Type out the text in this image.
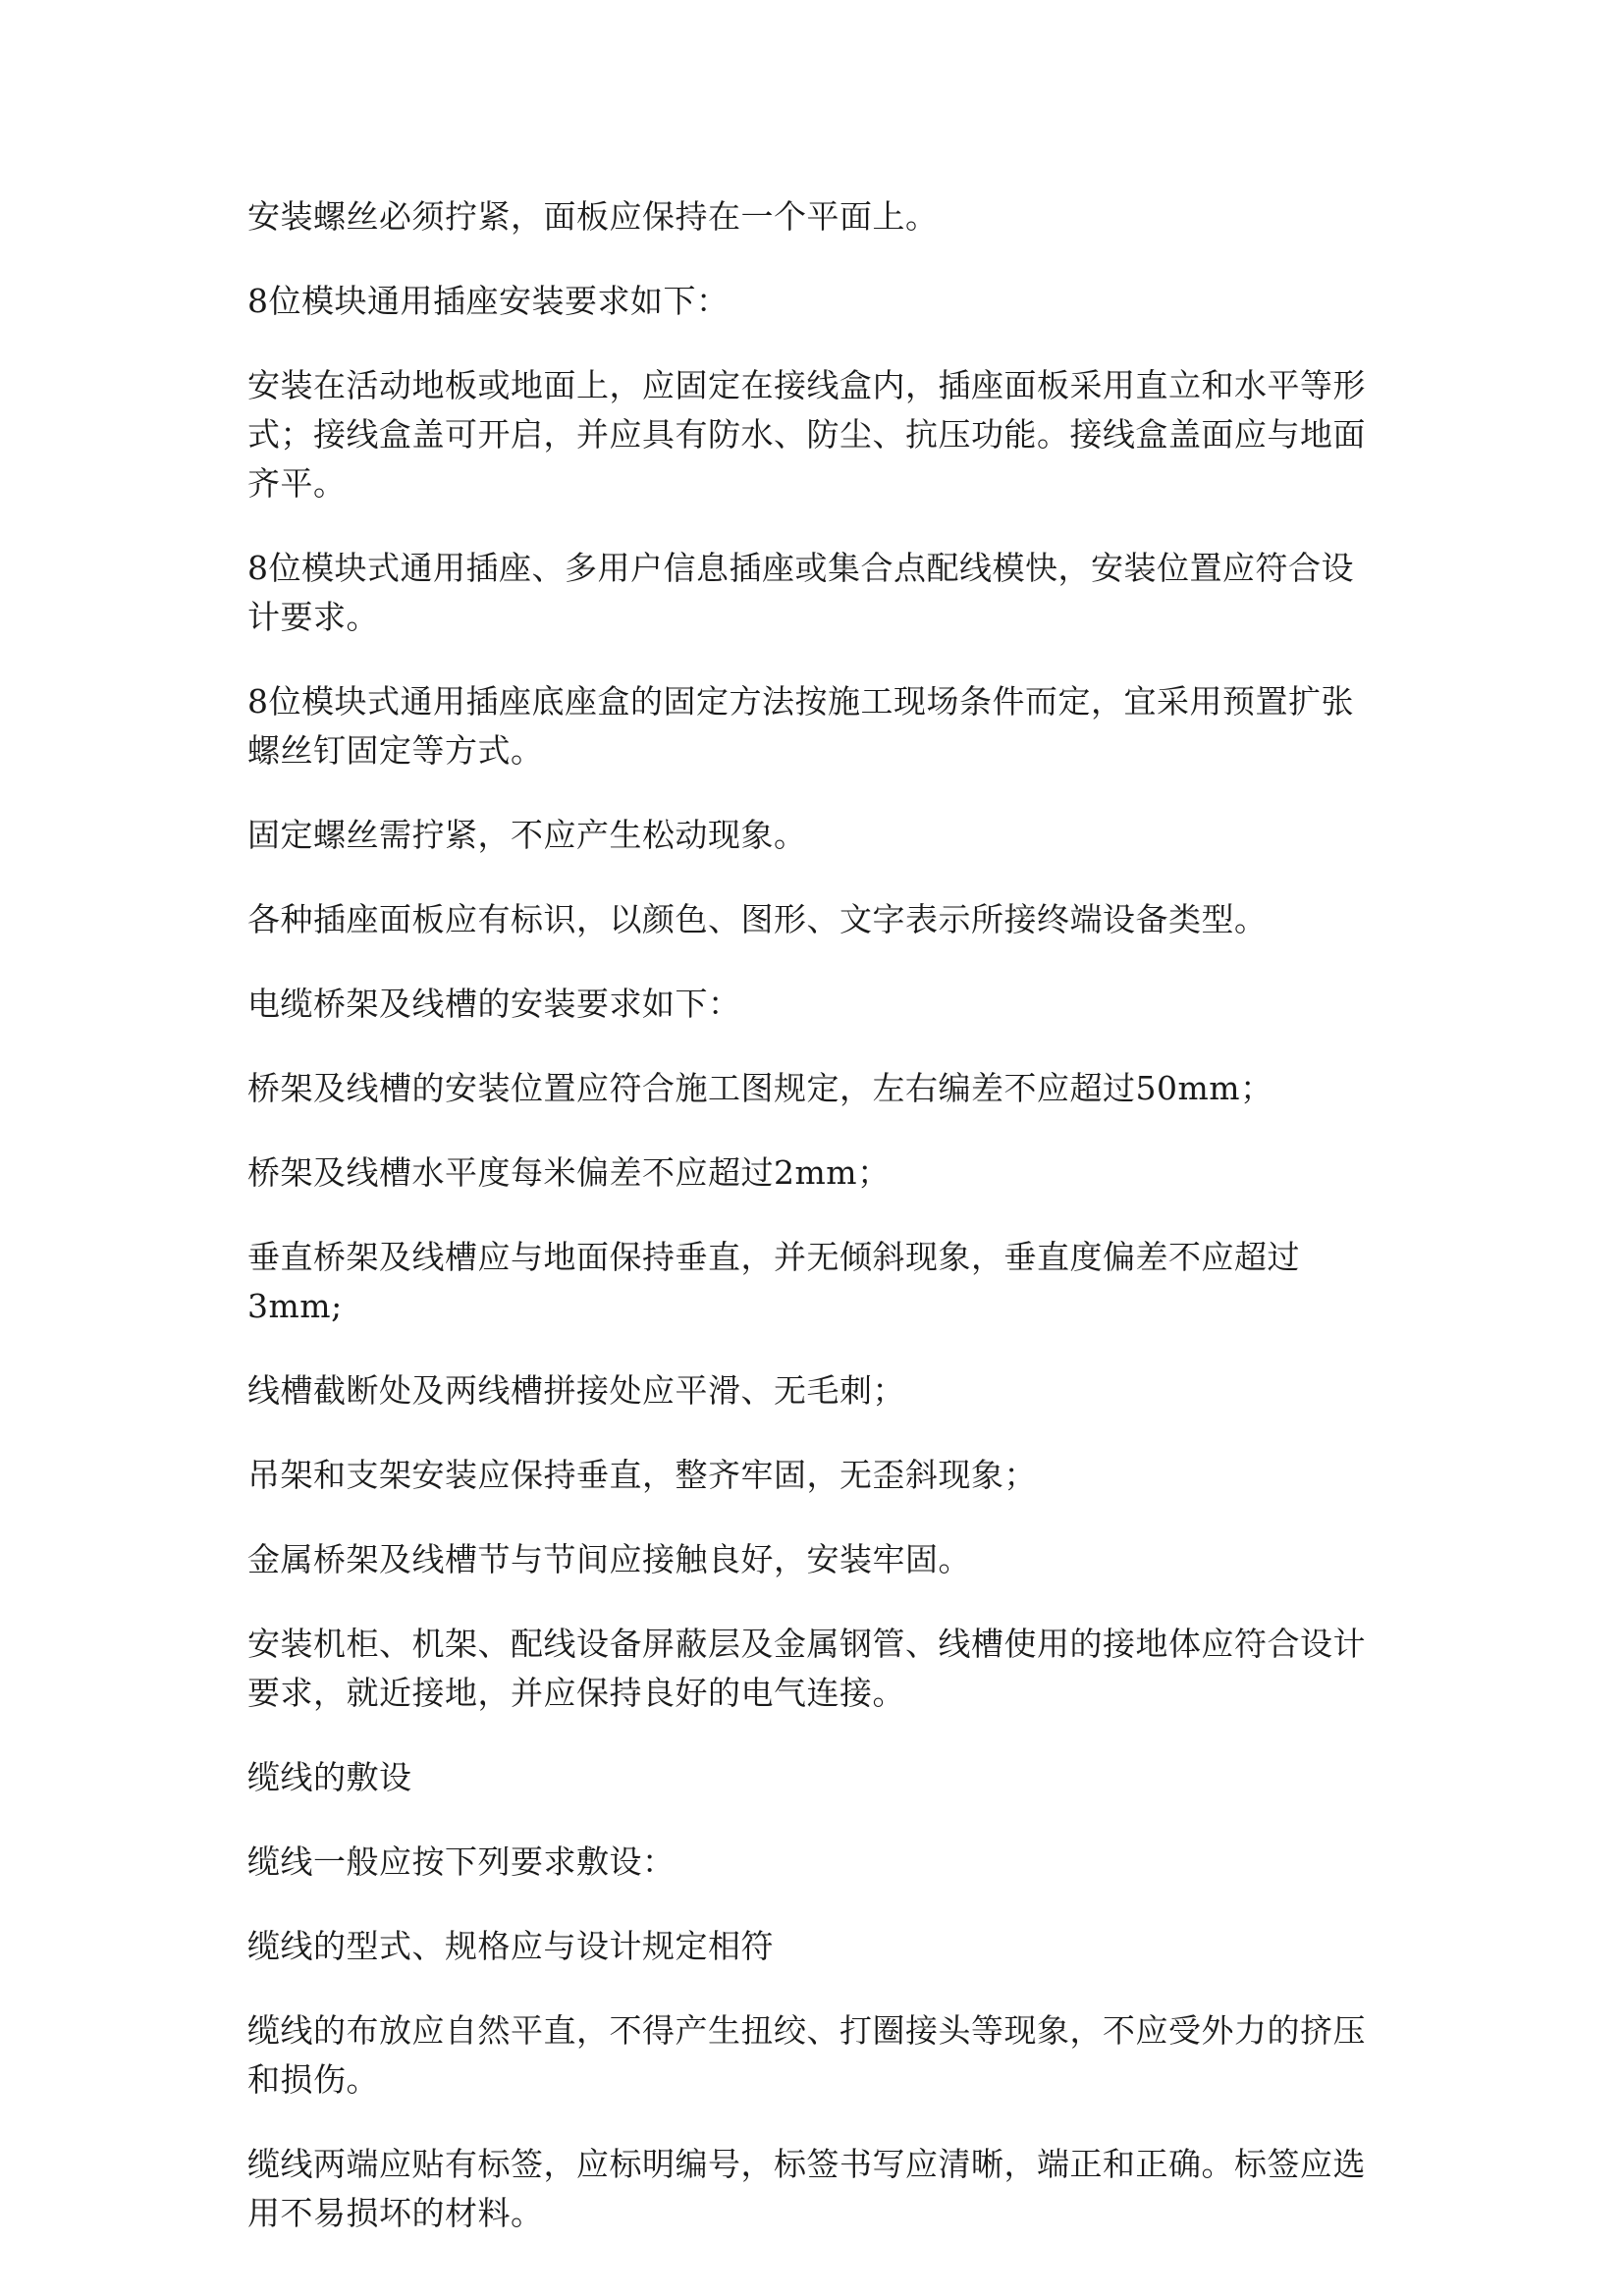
安装螺丝必须拧紧，面板应保持在一个平面上。

8位模块通用插座安装要求如下：

安装在活动地板或地面上，应固定在接线盒内，插座面板采用直立和水平等形式；接线盒盖可开启，并应具有防水、防尘、抗压功能。接线盒盖面应与地面齐平。

8位模块式通用插座、多用户信息插座或集合点配线模快，安装位置应符合设计要求。

8位模块式通用插座底座盒的固定方法按施工现场条件而定，宜采用预置扩张螺丝钉固定等方式。

固定螺丝需拧紧，不应产生松动现象。

各种插座面板应有标识，以颜色、图形、文字表示所接终端设备类型。

电缆桥架及线槽的安装要求如下：

桥架及线槽的安装位置应符合施工图规定，左右编差不应超过50mm；

桥架及线槽水平度每米偏差不应超过2mm；

垂直桥架及线槽应与地面保持垂直，并无倾斜现象，垂直度偏差不应超过3mm;

线槽截断处及两线槽拼接处应平滑、无毛刺；

吊架和支架安装应保持垂直，整齐牢固，无歪斜现象；

金属桥架及线槽节与节间应接触良好，安装牢固。

安装机柜、机架、配线设备屏蔽层及金属钢管、线槽使用的接地体应符合设计要求，就近接地，并应保持良好的电气连接。

缆线的敷设

缆线一般应按下列要求敷设：

缆线的型式、规格应与设计规定相符

缆线的布放应自然平直，不得产生扭绞、打圈接头等现象，不应受外力的挤压和损伤。

缆线两端应贴有标签，应标明编号，标签书写应清晰，端正和正确。标签应选用不易损坏的材料。
